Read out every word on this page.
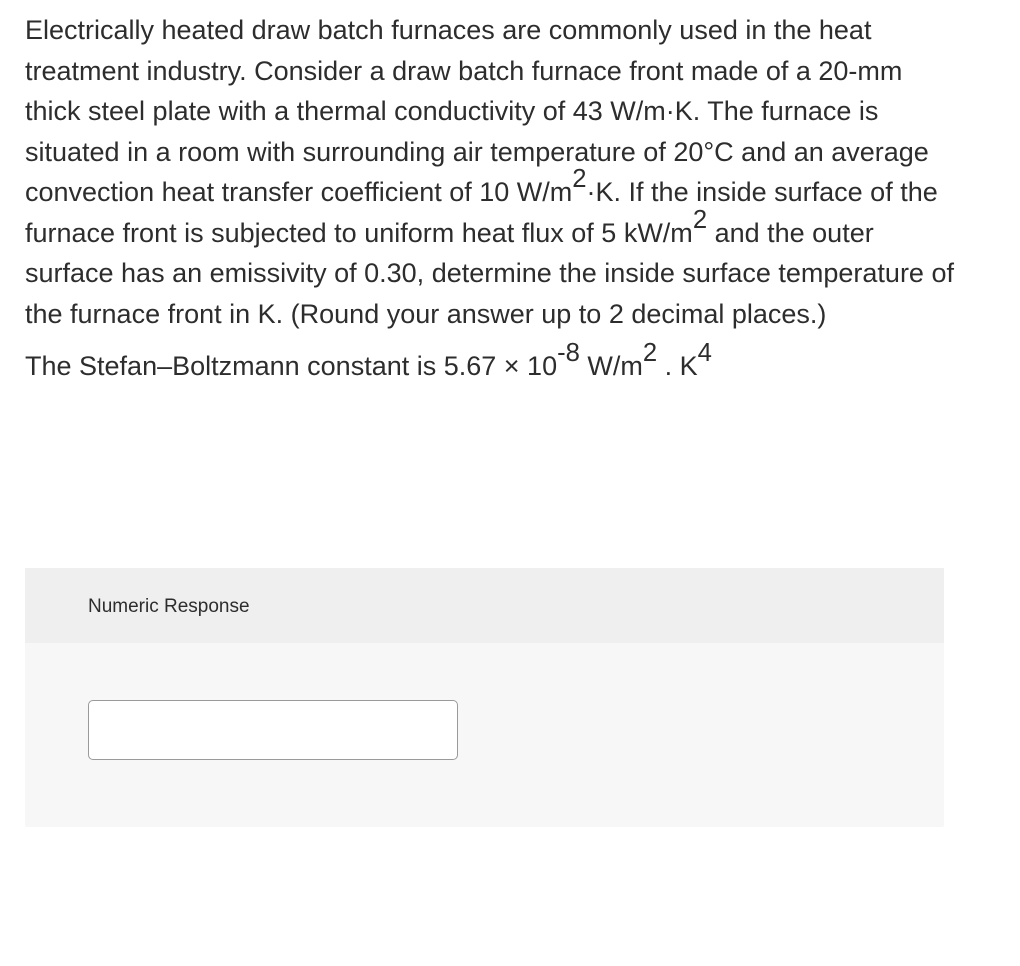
Electrically heated draw batch furnaces are commonly used in the heat treatment industry. Consider a draw batch furnace front made of a 20-mm thick steel plate with a thermal conductivity of 43 W/m·K. The furnace is situated in a room with surrounding air temperature of 20°C and an average convection heat transfer coefficient of 10 $W/m^2\cdot K$. If the inside surface of the furnace front is subjected to uniform heat flux of 5 $kW/m^2$ and the outer surface has an emissivity of 0.30, determine the inside surface temperature of the furnace front in K. (Round your answer up to 2 decimal places.)

The Stefan–Boltzmann constant is $5.67 \times 10^{-8}$ $W/m^2$ . $K^4$

Numeric Response
